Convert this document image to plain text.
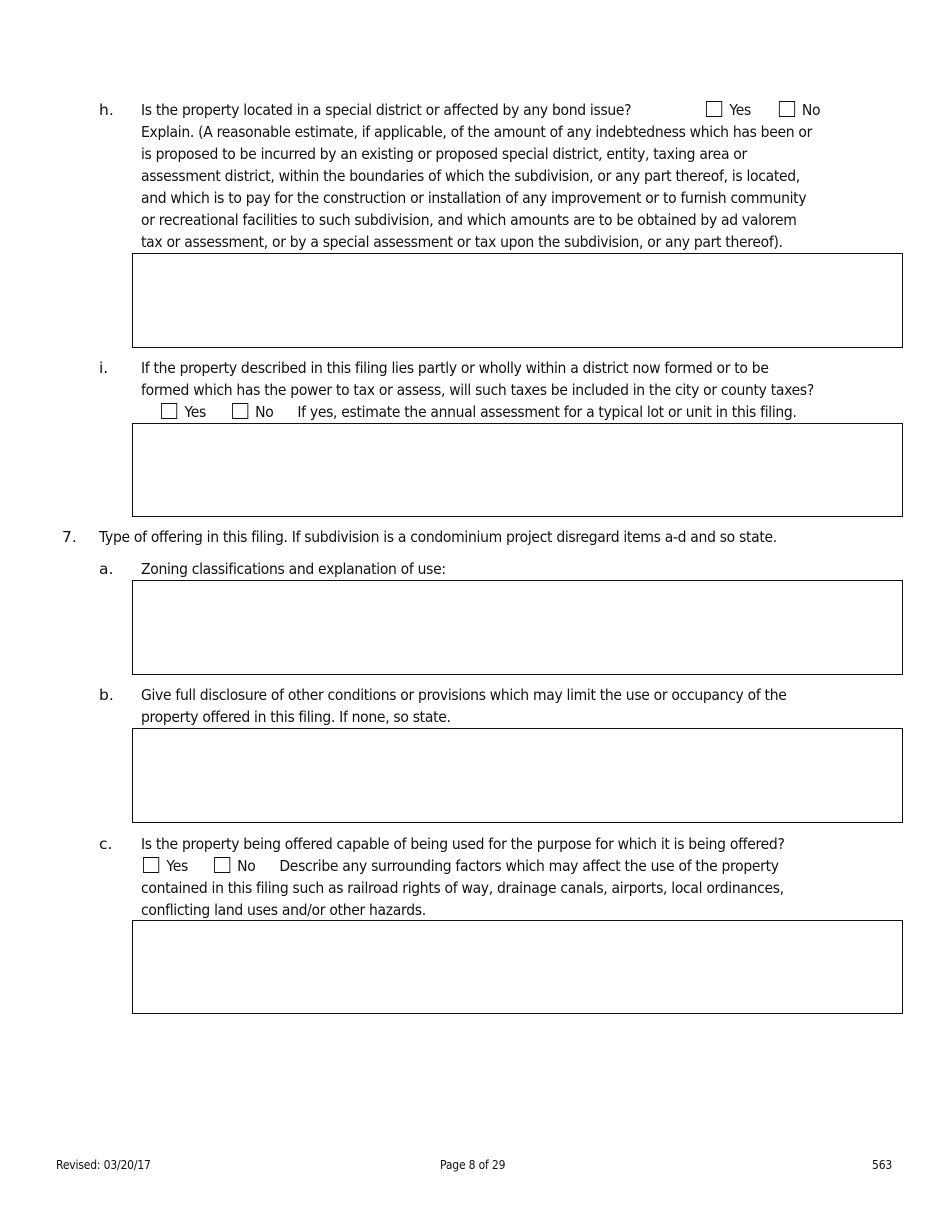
h. Is the property located in a special district or affected by any bond issue?	Yes	No
Explain. (A reasonable estimate, if applicable, of the amount of any indebtedness which has been or
is proposed to be incurred by an existing or proposed special district, entity, taxing area or
assessment district, within the boundaries of which the subdivision, or any part thereof, is located,
and which is to pay for the construction or installation of any improvement or to furnish community
or recreational facilities to such subdivision, and which amounts are to be obtained by ad valorem
tax or assessment, or by a special assessment or tax upon the subdivision, or any part thereof).
i. If the property described in this filing lies partly or wholly within a district now formed or to be
formed which has the power to tax or assess, will such taxes be included in the city or county taxes?
Yes	No If yes, estimate the annual assessment for a typical lot or unit in this filing.
7. Type of offering in this filing. If subdivision is a condominium project disregard items a-d and so state.
a. Zoning classifications and explanation of use:
b. Give full disclosure of other conditions or provisions which may limit the use or occupancy of the
property offered in this filing. If none, so state.
c. Is the property being offered capable of being used for the purpose for which it is being offered?
Yes	No Describe any surrounding factors which may affect the use of the property
contained in this filing such as railroad rights of way, drainage canals, airports, local ordinances,
conflicting land uses and/or other hazards.
Revised: 03/20/17	Page 8 of 29	563
